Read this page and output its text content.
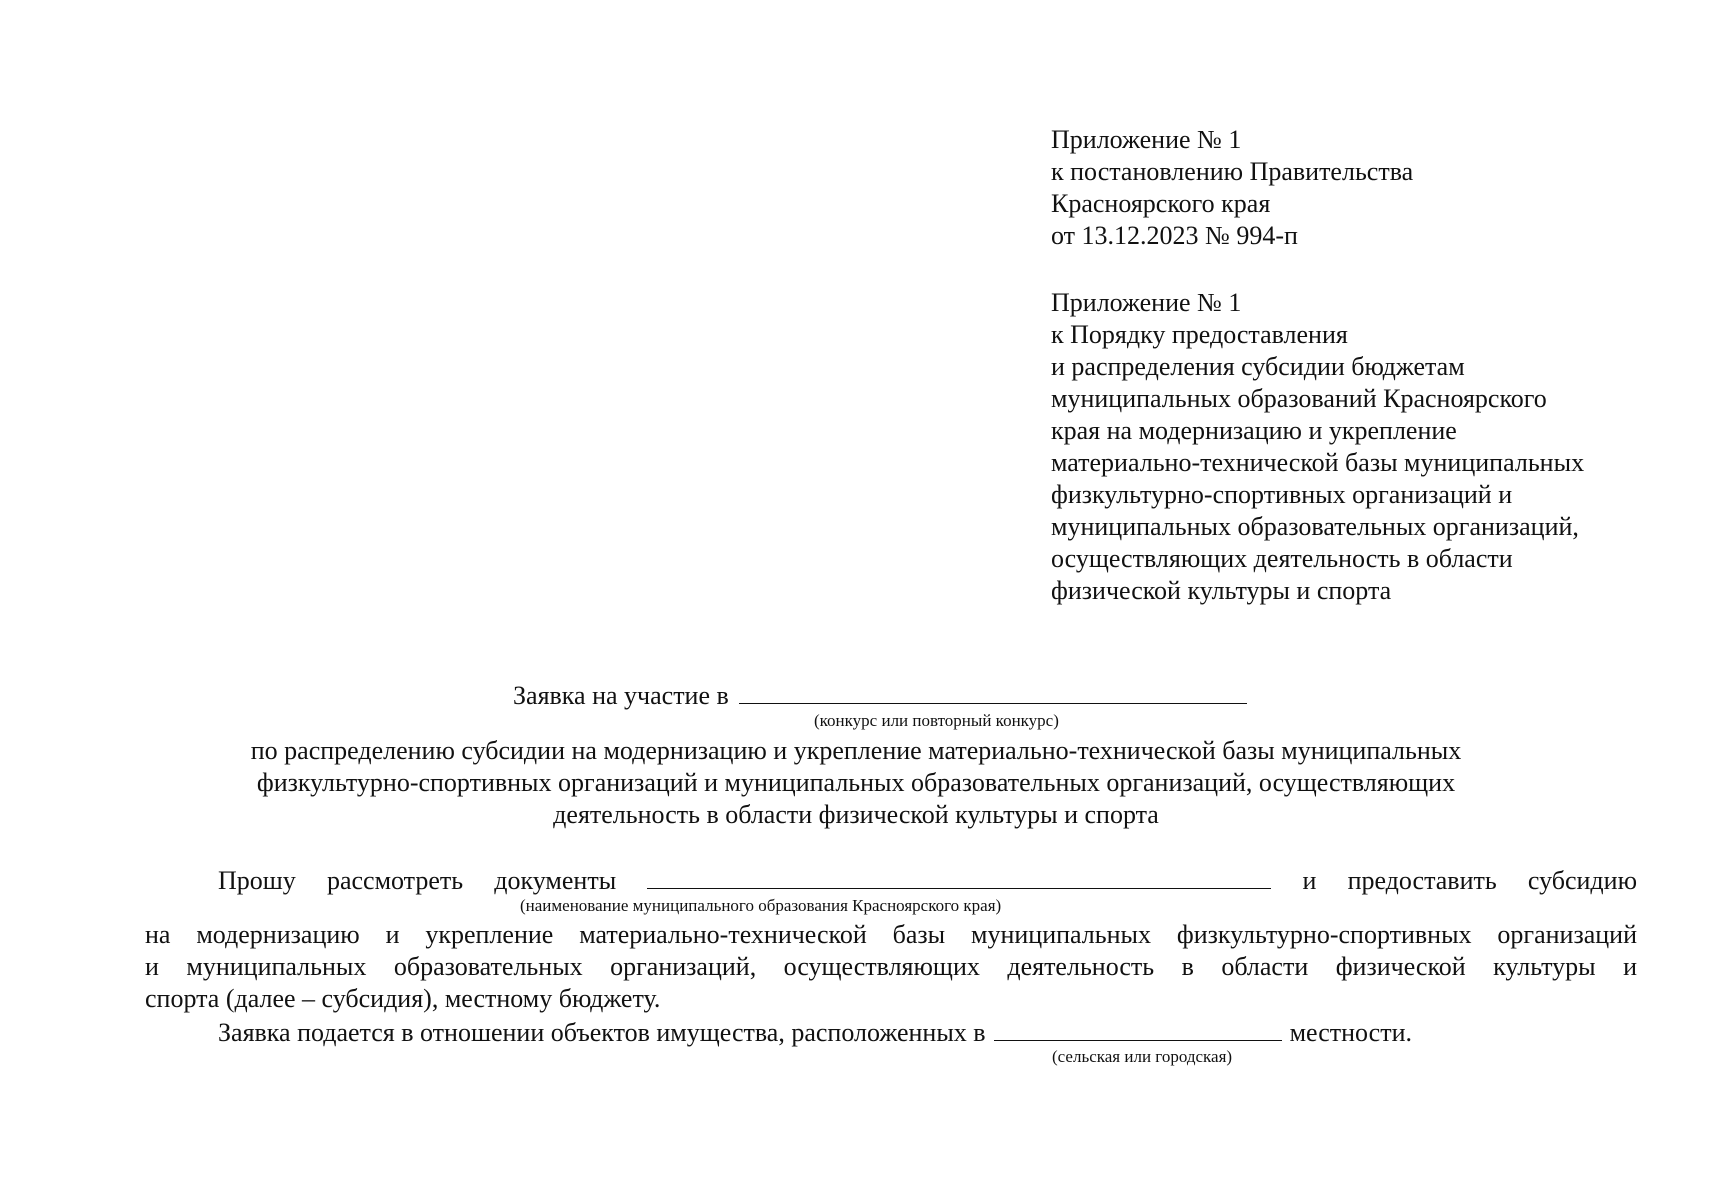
Приложение № 1
к постановлению Правительства
Красноярского края
от 13.12.2023 № 994-п
Приложение № 1
к Порядку предоставления
и распределения субсидии бюджетам
муниципальных образований Красноярского
края на модернизацию и укрепление
материально-технической базы муниципальных
физкультурно-спортивных организаций и
муниципальных образовательных организаций,
осуществляющих деятельность в области
физической культуры и спорта
Заявка на участие в
(конкурс или повторный конкурс)
по распределению субсидии на модернизацию и укрепление материально-технической базы муниципальных
физкультурно-спортивных организаций и муниципальных образовательных организаций, осуществляющих
деятельность в области физической культуры и спорта
Прошу рассмотреть документы	и предоставить субсидию
(наименование муниципального образования Красноярского края)
на модернизацию и укрепление материально-технической базы муниципальных физкультурно-спортивных организаций
и муниципальных образовательных организаций, осуществляющих деятельность в области физической культуры и
спорта (далее – субсидия), местному бюджету.
Заявка подается в отношении объектов имущества, расположенных в	местности.
(сельская или городская)
